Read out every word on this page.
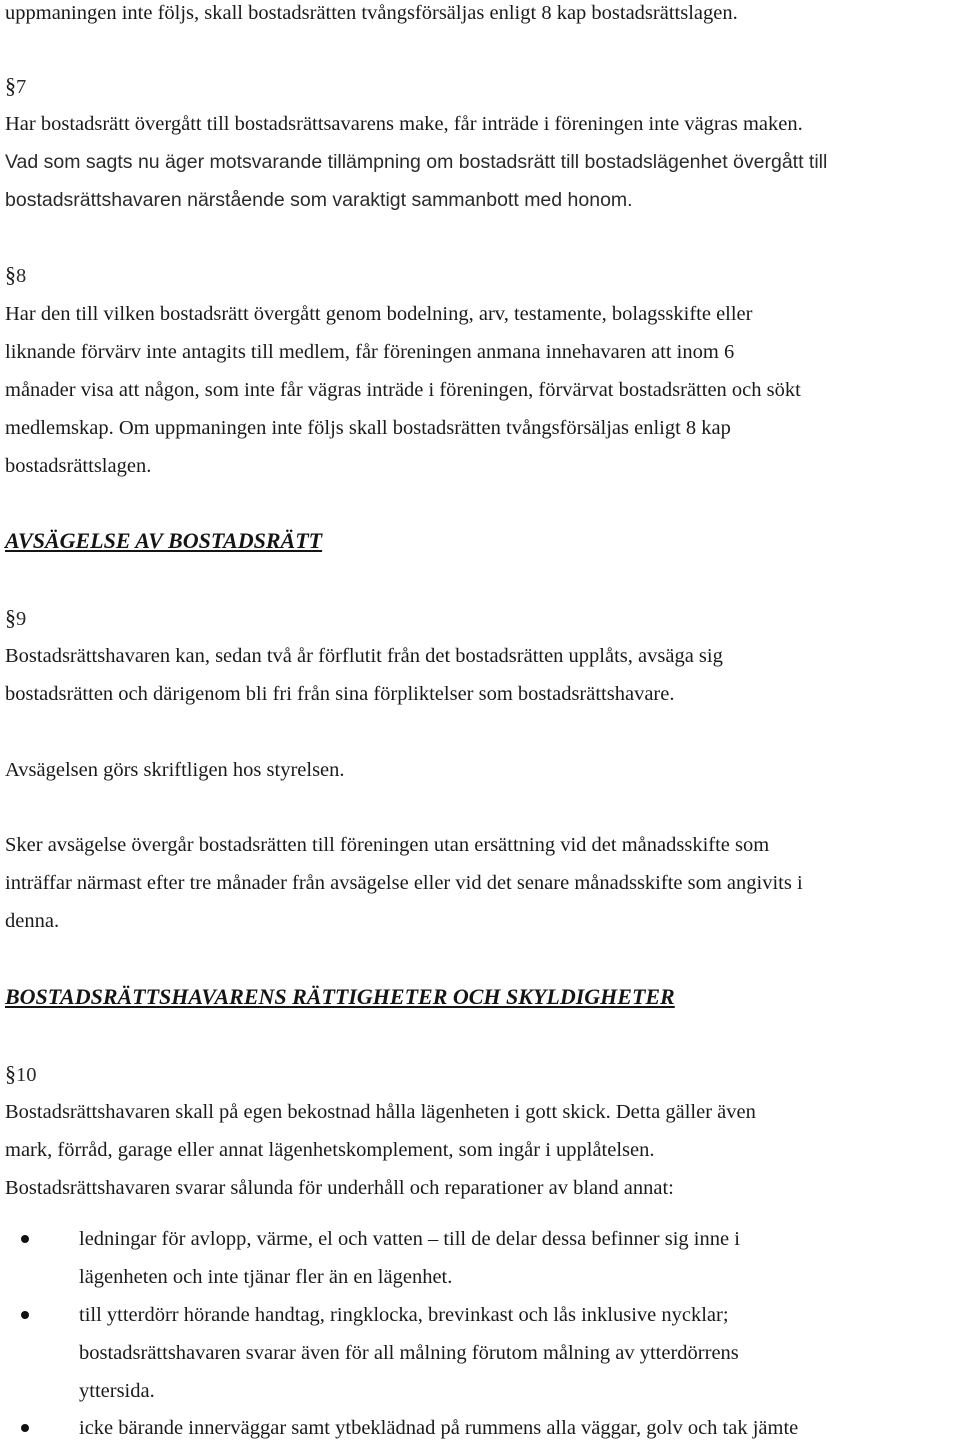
uppmaningen inte följs, skall bostadsrätten tvångsförsäljas enligt 8 kap bostadsrättslagen.
§7
Har bostadsrätt övergått till bostadsrättsavarens make, får inträde i föreningen inte vägras maken.
Vad som sagts nu äger motsvarande tillämpning om bostadsrätt till bostadslägenhet övergått till
bostadsrättshavaren närstående som varaktigt sammanbott med honom.
§8
Har den till vilken bostadsrätt övergått genom bodelning, arv, testamente, bolagsskifte eller
liknande förvärv inte antagits till medlem, får föreningen anmana innehavaren att inom 6
månader visa att någon, som inte får vägras inträde i föreningen, förvärvat bostadsrätten och sökt
medlemskap. Om uppmaningen inte följs skall bostadsrätten tvångsförsäljas enligt 8 kap
bostadsrättslagen.
AVSÄGELSE AV BOSTADSRÄTT
§9
Bostadsrättshavaren kan, sedan två år förflutit från det bostadsrätten upplåts, avsäga sig
bostadsrätten och därigenom bli fri från sina förpliktelser som bostadsrättshavare.
Avsägelsen görs skriftligen hos styrelsen.
Sker avsägelse övergår bostadsrätten till föreningen utan ersättning vid det månadsskifte som
inträffar närmast efter tre månader från avsägelse eller vid det senare månadsskifte som angivits i
denna.
BOSTADSRÄTTSHAVARENS RÄTTIGHETER OCH SKYLDIGHETER
§10
Bostadsrättshavaren skall på egen bekostnad hålla lägenheten i gott skick. Detta gäller även
mark, förråd, garage eller annat lägenhetskomplement, som ingår i upplåtelsen.
Bostadsrättshavaren svarar sålunda för underhåll och reparationer av bland annat:
ledningar för avlopp, värme, el och vatten – till de delar dessa befinner sig inne i
lägenheten och inte tjänar fler än en lägenhet.
till ytterdörr hörande handtag, ringklocka, brevinkast och lås inklusive nycklar;
bostadsrättshavaren svarar även för all målning förutom målning av ytterdörrens
yttersida.
icke bärande innerväggar samt ytbeklädnad på rummens alla väggar, golv och tak jämte
